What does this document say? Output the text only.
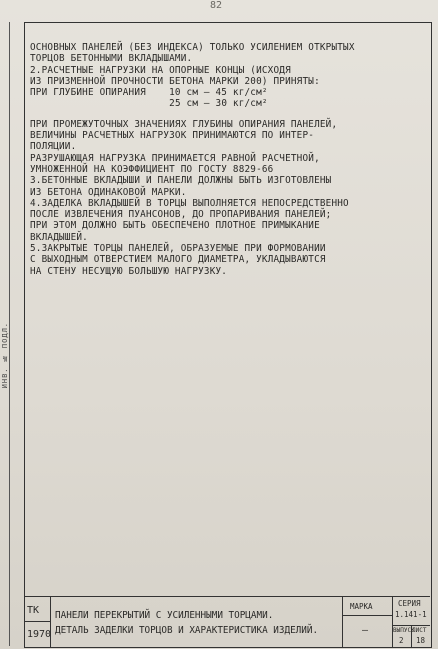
82
ИНВ. № ПОДЛ.

ОСНОВНЫХ ПАНЕЛЕЙ (БЕЗ ИНДЕКСА) ТОЛЬКО УСИЛЕНИЕМ ОТКРЫТЫХ
ТОРЦОВ БЕТОННЫМИ ВКЛАДЫШАМИ.

2.РАСЧЕТНЫЕ НАГРУЗКИ НА ОПОРНЫЕ КОНЦЫ (ИСХОДЯ
ИЗ ПРИЗМЕННОЙ ПРОЧНОСТИ БЕТОНА МАРКИ 200) ПРИНЯТЫ:
ПРИ ГЛУБИНЕ ОПИРАНИЯ    10 см — 45 кг/см²
25 см — 30 кг/см²

ПРИ ПРОМЕЖУТОЧНЫХ ЗНАЧЕНИЯХ ГЛУБИНЫ ОПИРАНИЯ ПАНЕЛЕЙ,
ВЕЛИЧИНЫ РАСЧЕТНЫХ НАГРУЗОК ПРИНИМАЮТСЯ ПО ИНТЕР-
ПОЛЯЦИИ.

РАЗРУШАЮЩАЯ НАГРУЗКА ПРИНИМАЕТСЯ РАВНОЙ РАСЧЕТНОЙ,
УМНОЖЕННОЙ НА КОЭФФИЦИЕНТ ПО ГОСТУ 8829-66

3.БЕТОННЫЕ ВКЛАДЫШИ И ПАНЕЛИ ДОЛЖНЫ БЫТЬ ИЗГОТОВЛЕНЫ
ИЗ БЕТОНА ОДИНАКОВОЙ МАРКИ.

4.ЗАДЕЛКА ВКЛАДЫШЕЙ В ТОРЦЫ ВЫПОЛНЯЕТСЯ НЕПОСРЕДСТВЕННО
ПОСЛЕ ИЗВЛЕЧЕНИЯ ПУАНСОНОВ, ДО ПРОПАРИВАНИЯ ПАНЕЛЕЙ;
ПРИ ЭТОМ ДОЛЖНО БЫТЬ ОБЕСПЕЧЕНО ПЛОТНОЕ ПРИМЫКАНИЕ
ВКЛАДЫШЕЙ.

5.ЗАКРЫТЫЕ ТОРЦЫ ПАНЕЛЕЙ, ОБРАЗУЕМЫЕ ПРИ ФОРМОВАНИИ
С ВЫХОДНЫМ ОТВЕРСТИЕМ МАЛОГО ДИАМЕТРА, УКЛАДЫВАЮТСЯ
НА СТЕНУ НЕСУЩУЮ БОЛЬШУЮ НАГРУЗКУ.

ТК
1970
ПАНЕЛИ ПЕРЕКРЫТИЙ С УСИЛЕННЫМИ ТОРЦАМИ.
ДЕТАЛЬ ЗАДЕЛКИ ТОРЦОВ И ХАРАКТЕРИСТИКА ИЗДЕЛИЙ.
МАРКА
—
СЕРИЯ
1.141-1
ВЫПУСК
ЛИСТ
2 18
